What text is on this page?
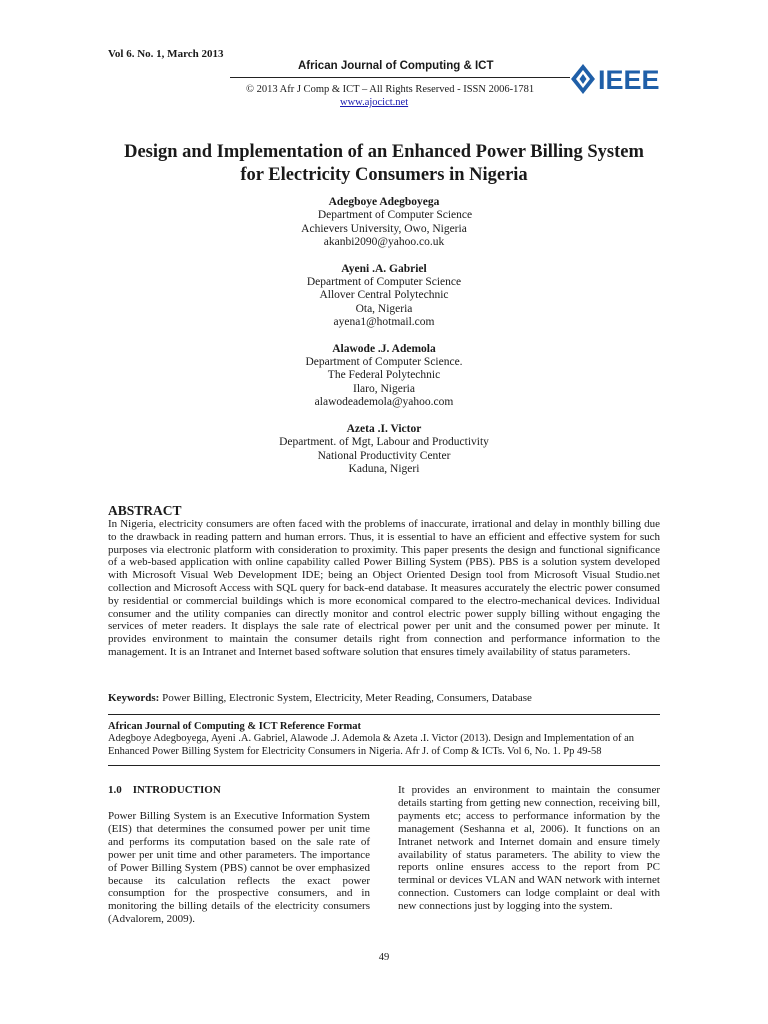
Vol 6. No. 1, March 2013
African Journal of Computing & ICT
© 2013 Afr J Comp & ICT – All Rights Reserved - ISSN 2006-1781
www.ajocict.net
IEEE
Design and Implementation of an Enhanced Power Billing System
for Electricity Consumers in Nigeria
Adegboye Adegboyega
Department of Computer Science
Achievers University, Owo, Nigeria
akanbi2090@yahoo.co.uk
Ayeni .A. Gabriel
Department of Computer Science
Allover Central Polytechnic
Ota, Nigeria
ayena1@hotmail.com
Alawode .J. Ademola
Department of Computer Science.
The Federal Polytechnic
Ilaro, Nigeria
alawodeademola@yahoo.com
Azeta .I. Victor
Department. of Mgt, Labour and Productivity
National Productivity Center
Kaduna, Nigeri
ABSTRACT
In Nigeria, electricity consumers are often faced with the problems of inaccurate, irrational and delay in monthly billing due to the drawback in reading pattern and human errors. Thus, it is essential to have an efficient and effective system for such purposes via electronic platform with consideration to proximity. This paper presents the design and functional significance of a web-based application with online capability called Power Billing System (PBS). PBS is a solution system developed with Microsoft Visual Web Development IDE; being an Object Oriented Design tool from Microsoft Visual Studio.net collection and Microsoft Access with SQL query for back-end database. It measures accurately the electric power consumed by residential or commercial buildings which is more economical compared to the electro-mechanical devices. Individual consumer and the utility companies can directly monitor and control electric power supply billing without engaging the services of meter readers. It displays the sale rate of electrical power per unit and the consumed power per minute. It provides environment to maintain the consumer details right from connection and performance information to the management. It is an Intranet and Internet based software solution that ensures timely availability of status parameters.
Keywords: Power Billing, Electronic System, Electricity, Meter Reading, Consumers, Database
African Journal of Computing & ICT Reference Format
Adegboye Adegboyega, Ayeni .A. Gabriel, Alawode .J. Ademola & Azeta .I. Victor (2013). Design and Implementation of an Enhanced Power Billing System for Electricity Consumers in Nigeria. Afr J. of Comp & ICTs. Vol 6, No. 1. Pp 49-58
1.0    INTRODUCTION
Power Billing System is an Executive Information System (EIS) that determines the consumed power per unit time and performs its computation based on the sale rate of power per unit time and other parameters. The importance of Power Billing System (PBS) cannot be over emphasized because its calculation reflects the exact power consumption for the prospective consumers, and in monitoring the billing details of the electricity consumers (Advalorem, 2009).
It provides an environment to maintain the consumer details starting from getting new connection, receiving bill, payments etc; access to performance information by the management (Seshanna et al, 2006). It functions on an Intranet network and Internet domain and ensure timely availability of status parameters. The ability to view the reports online ensures access to the report from PC terminal or devices VLAN and WAN network with internet connection. Customers can lodge complaint or deal with new connections just by logging into the system.
49
